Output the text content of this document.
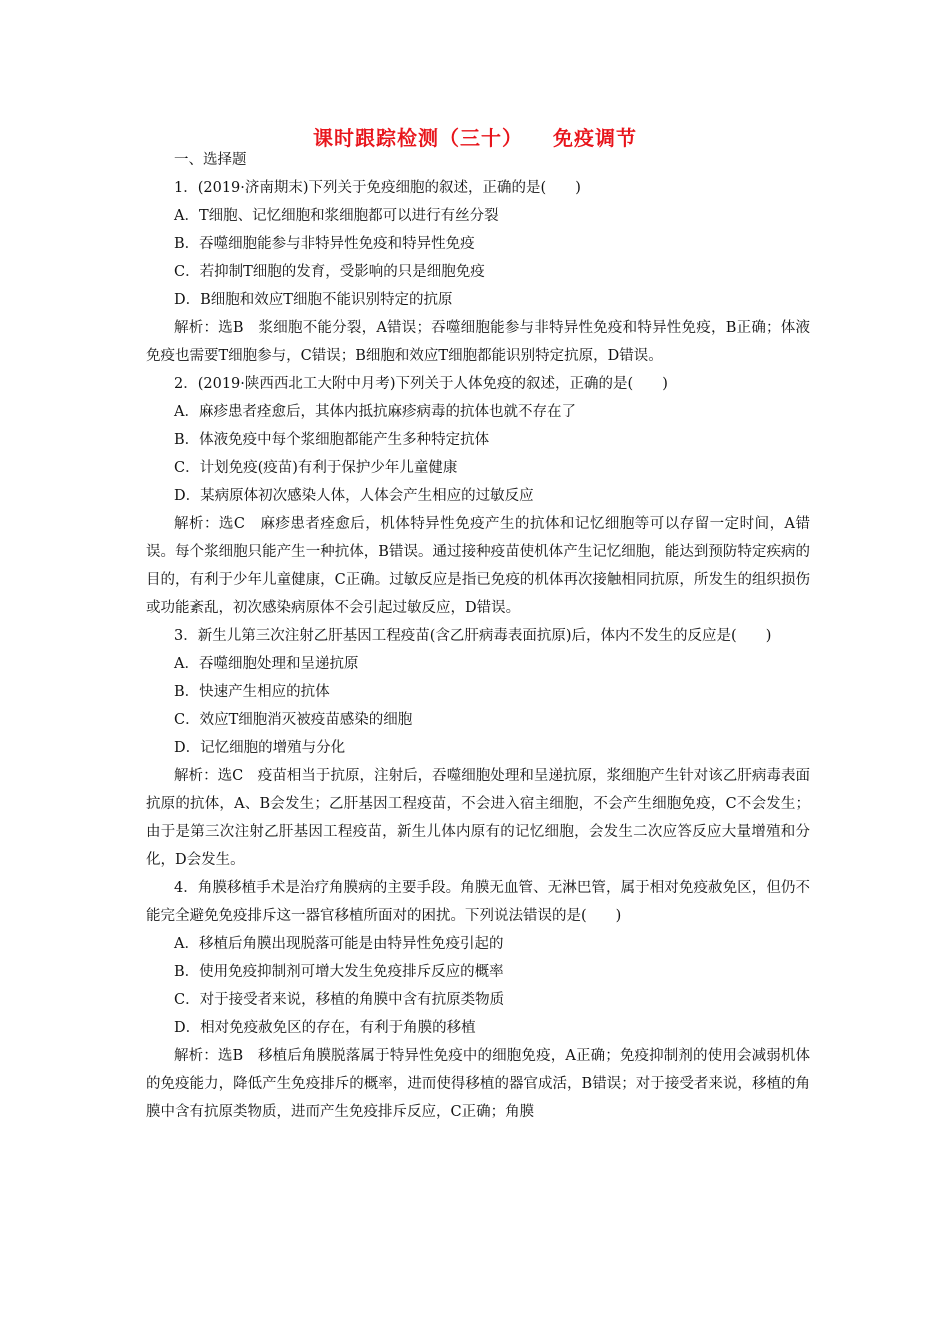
课时跟踪检测（三十） 免疫调节

一、选择题

1．(2019·济南期末)下列关于免疫细胞的叙述，正确的是(　　)

A．T细胞、记忆细胞和浆细胞都可以进行有丝分裂

B．吞噬细胞能参与非特异性免疫和特异性免疫

C．若抑制T细胞的发育，受影响的只是细胞免疫

D．B细胞和效应T细胞不能识别特定的抗原

解析：选B　浆细胞不能分裂，A错误；吞噬细胞能参与非特异性免疫和特异性免疫，B正确；体液免疫也需要T细胞参与，C错误；B细胞和效应T细胞都能识别特定抗原，D错误。

2．(2019·陕西西北工大附中月考)下列关于人体免疫的叙述，正确的是(　　)

A．麻疹患者痊愈后，其体内抵抗麻疹病毒的抗体也就不存在了

B．体液免疫中每个浆细胞都能产生多种特定抗体

C．计划免疫(疫苗)有利于保护少年儿童健康

D．某病原体初次感染人体，人体会产生相应的过敏反应

解析：选C　麻疹患者痊愈后，机体特异性免疫产生的抗体和记忆细胞等可以存留一定时间，A错误。每个浆细胞只能产生一种抗体，B错误。通过接种疫苗使机体产生记忆细胞，能达到预防特定疾病的目的，有利于少年儿童健康，C正确。过敏反应是指已免疫的机体再次接触相同抗原，所发生的组织损伤或功能紊乱，初次感染病原体不会引起过敏反应，D错误。

3．新生儿第三次注射乙肝基因工程疫苗(含乙肝病毒表面抗原)后，体内不发生的反应是(　　)

A．吞噬细胞处理和呈递抗原

B．快速产生相应的抗体

C．效应T细胞消灭被疫苗感染的细胞

D．记忆细胞的增殖与分化

解析：选C　疫苗相当于抗原，注射后，吞噬细胞处理和呈递抗原，浆细胞产生针对该乙肝病毒表面抗原的抗体，A、B会发生；乙肝基因工程疫苗，不会进入宿主细胞，不会产生细胞免疫，C不会发生；由于是第三次注射乙肝基因工程疫苗，新生儿体内原有的记忆细胞，会发生二次应答反应大量增殖和分化，D会发生。

4．角膜移植手术是治疗角膜病的主要手段。角膜无血管、无淋巴管，属于相对免疫赦免区，但仍不能完全避免免疫排斥这一器官移植所面对的困扰。下列说法错误的是(　　)

A．移植后角膜出现脱落可能是由特异性免疫引起的

B．使用免疫抑制剂可增大发生免疫排斥反应的概率

C．对于接受者来说，移植的角膜中含有抗原类物质

D．相对免疫赦免区的存在，有利于角膜的移植

解析：选B　移植后角膜脱落属于特异性免疫中的细胞免疫，A正确；免疫抑制剂的使用会减弱机体的免疫能力，降低产生免疫排斥的概率，进而使得移植的器官成活，B错误；对于接受者来说，移植的角膜中含有抗原类物质，进而产生免疫排斥反应，C正确；角膜
